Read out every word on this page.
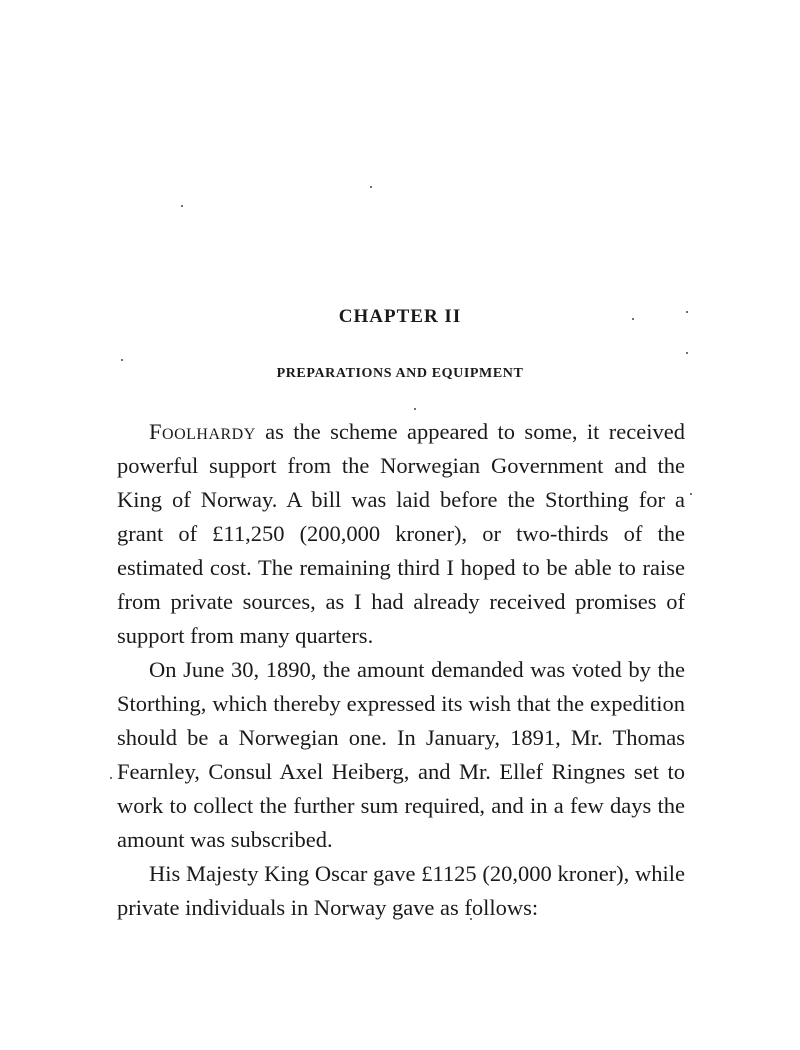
CHAPTER II
PREPARATIONS AND EQUIPMENT

Foolhardy as the scheme appeared to some, it received powerful support from the Norwegian Government and the King of Norway. A bill was laid before the Storthing for a grant of £11,250 (200,000 kroner), or two-thirds of the estimated cost. The remaining third I hoped to be able to raise from private sources, as I had already received promises of support from many quarters.

On June 30, 1890, the amount demanded was voted by the Storthing, which thereby expressed its wish that the expedition should be a Norwegian one. In January, 1891, Mr. Thomas Fearnley, Consul Axel Heiberg, and Mr. Ellef Ringnes set to work to collect the further sum required, and in a few days the amount was subscribed.

His Majesty King Oscar gave £1125 (20,000 kroner), while private individuals in Norway gave as follows:
